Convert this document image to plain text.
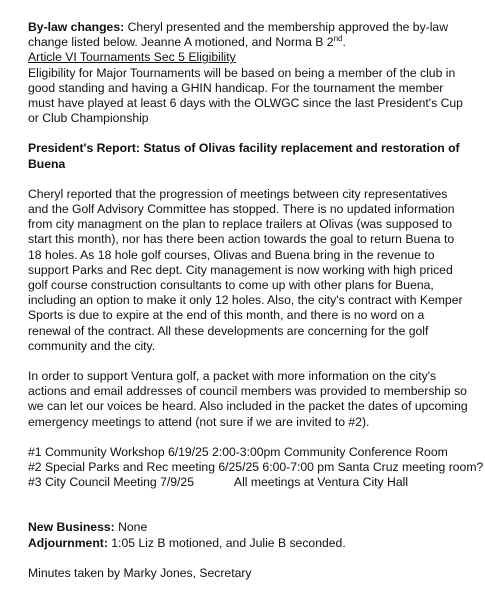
By-law changes: Cheryl presented and the membership approved the by-law change listed below. Jeanne A motioned, and Norma B 2nd.

Article VI Tournaments Sec 5 Eligibility

Eligibility for Major Tournaments will be based on being a member of the club in good standing and having a GHIN handicap. For the tournament the member must have played at least 6 days with the OLWGC since the last President's Cup or Club Championship

President's Report: Status of Olivas facility replacement and restoration of Buena

Cheryl reported that the progression of meetings between city representatives and the Golf Advisory Committee has stopped. There is no updated information from city managment on the plan to replace trailers at Olivas (was supposed to start this month), nor has there been action towards the goal to return Buena to 18 holes. As 18 hole golf courses, Olivas and Buena bring in the revenue to support Parks and Rec dept. City management is now working with high priced golf course construction consultants to come up with other plans for Buena, including an option to make it only 12 holes. Also, the city's contract with Kemper Sports is due to expire at the end of this month, and there is no word on a renewal of the contract. All these developments are concerning for the golf community and the city.

In order to support Ventura golf, a packet with more information on the city's actions and email addresses of council members was provided to membership so we can let our voices be heard. Also included in the packet the dates of upcoming emergency meetings to attend (not sure if we are invited to #2).

#1 Community Workshop 6/19/25 2:00-3:00pm Community Conference Room

#2 Special Parks and Rec meeting 6/25/25 6:00-7:00 pm Santa Cruz meeting room?

#3 City Council Meeting 7/9/25            All meetings at Ventura City Hall

New Business: None

Adjournment: 1:05 Liz B motioned, and Julie B seconded.

Minutes taken by Marky Jones, Secretary
